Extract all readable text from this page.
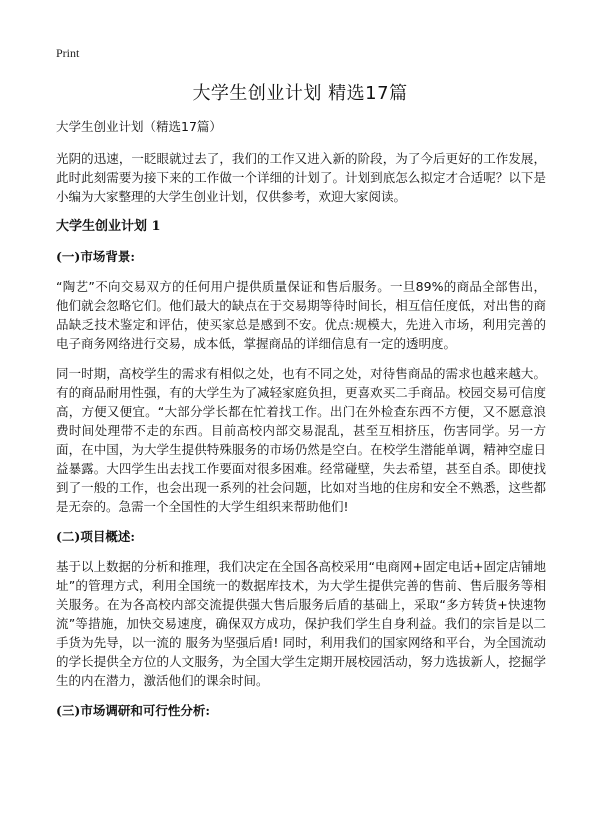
Print
大学生创业计划 精选17篇
大学生创业计划（精选17篇）

光阴的迅速，一眨眼就过去了，我们的工作又进入新的阶段，为了今后更好的工作发展，此时此刻需要为接下来的工作做一个详细的计划了。计划到底怎么拟定才合适呢？以下是小编为大家整理的大学生创业计划，仅供参考，欢迎大家阅读。

大学生创业计划 1
(一)市场背景:

“陶艺”不向交易双方的任何用户提供质量保证和售后服务。一旦89%的商品全部售出，他们就会忽略它们。他们最大的缺点在于交易期等待时间长，相互信任度低，对出售的商品缺乏技术鉴定和评估，使买家总是感到不安。优点:规模大，先进入市场，利用完善的电子商务网络进行交易，成本低，掌握商品的详细信息有一定的透明度。

同一时期，高校学生的需求有相似之处，也有不同之处，对待售商品的需求也越来越大。有的商品耐用性强，有的大学生为了减轻家庭负担，更喜欢买二手商品。校园交易可信度高，方便又便宜。“大部分学长都在忙着找工作。出门在外检查东西不方便，又不愿意浪费时间处理带不走的东西。目前高校内部交易混乱，甚至互相挤压，伤害同学。另一方面，在中国，为大学生提供特殊服务的市场仍然是空白。在校学生潜能单调，精神空虚日益暴露。大四学生出去找工作要面对很多困难。经常碰壁，失去希望，甚至自杀。即使找到了一般的工作，也会出现一系列的社会问题，比如对当地的住房和安全不熟悉，这些都是无奈的。急需一个全国性的大学生组织来帮助他们!

(二)项目概述:

基于以上数据的分析和推理，我们决定在全国各高校采用“电商网+固定电话+固定店铺地址”的管理方式，利用全国统一的数据库技术，为大学生提供完善的售前、售后服务等相关服务。在为各高校内部交流提供强大售后服务后盾的基础上，采取“多方转货+快速物流”等措施，加快交易速度，确保双方成功，保护我们学生自身利益。我们的宗旨是以二手货为先导，以一流的 服务为坚强后盾! 同时，利用我们的国家网络和平台，为全国流动的学长提供全方位的人文服务，为全国大学生定期开展校园活动，努力选拔新人，挖掘学生的内在潜力，激活他们的课余时间。

(三)市场调研和可行性分析:
